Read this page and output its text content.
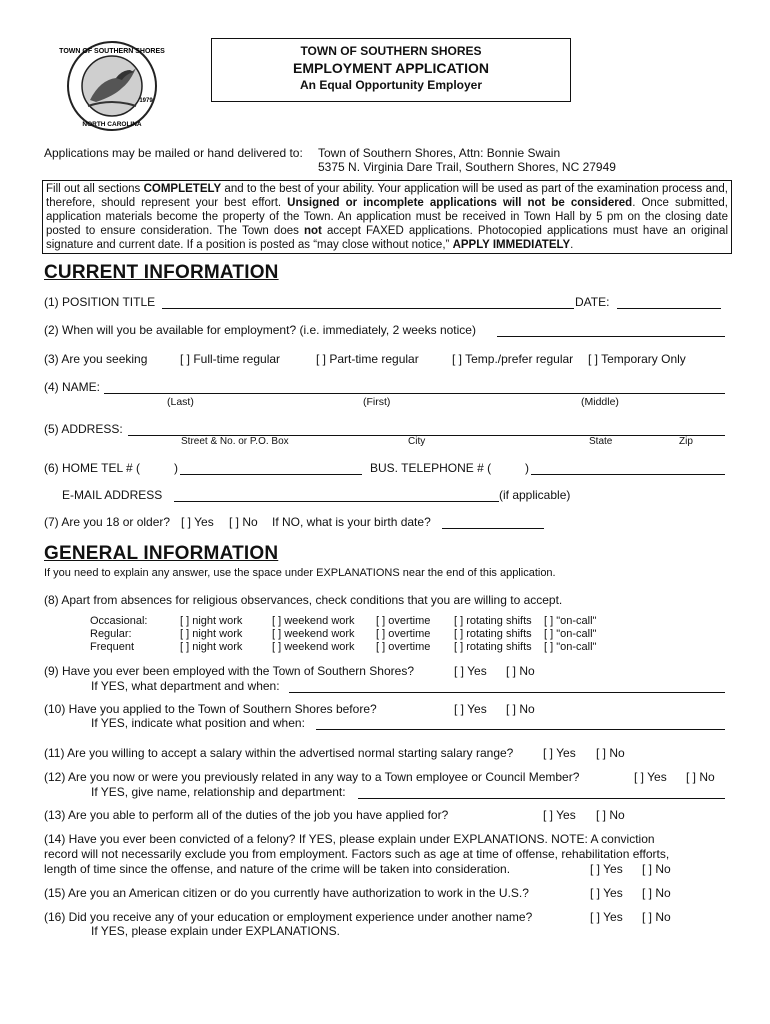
TOWN OF SOUTHERN SHORES
NORTH CAROLINA
1979
TOWN OF SOUTHERN SHORES
EMPLOYMENT APPLICATION
An Equal Opportunity Employer
Applications may be mailed or hand delivered to: Town of Southern Shores, Attn: Bonnie Swain
5375 N. Virginia Dare Trail, Southern Shores, NC 27949
Fill out all sections COMPLETELY and to the best of your ability. Your application will be used as part of the examination process and, therefore, should represent your best effort. Unsigned or incomplete applications will not be considered. Once submitted, application materials become the property of the Town. An application must be received in Town Hall by 5 pm on the closing date posted to ensure consideration. The Town does not accept FAXED applications. Photocopied applications must have an original signature and current date. If a position is posted as “may close without notice,” APPLY IMMEDIATELY.
CURRENT INFORMATION
(1) POSITION TITLE	DATE:
(2) When will you be available for employment? (i.e. immediately, 2 weeks notice)
(3) Are you seeking	[ ] Full-time regular	[ ] Part-time regular	[ ] Temp./prefer regular [ ] Temporary Only
(4) NAME:
(Last)	(First)	(Middle)
(5) ADDRESS:
Street & No. or P.O. Box	City	State	Zip
(6) HOME TEL # (	)	BUS. TELEPHONE # (	)
E-MAIL ADDRESS	(if applicable)
(7) Are you 18 or older? [ ] Yes [ ] No If NO, what is your birth date?
GENERAL INFORMATION
If you need to explain any answer, use the space under EXPLANATIONS near the end of this application.
(8) Apart from absences for religious observances, check conditions that you are willing to accept.
Occasional:	[ ] night work	[ ] weekend work [ ] overtime [ ] rotating shifts [ ] "on-call"
Regular:	[ ] night work	[ ] weekend work [ ] overtime [ ] rotating shifts [ ] "on-call"
Frequent	[ ] night work	[ ] weekend work [ ] overtime [ ] rotating shifts [ ] "on-call"
(9) Have you ever been employed with the Town of Southern Shores?	[ ] Yes [ ] No
If YES, what department and when:
(10) Have you applied to the Town of Southern Shores before?	[ ] Yes [ ] No
If YES, indicate what position and when:
(11) Are you willing to accept a salary within the advertised normal starting salary range? [ ] Yes [ ] No
(12) Are you now or were you previously related in any way to a Town employee or Council Member?	[ ] Yes [ ] No
If YES, give name, relationship and department:
(13) Are you able to perform all of the duties of the job you have applied for?	[ ] Yes [ ] No
(14) Have you ever been convicted of a felony? If YES, please explain under EXPLANATIONS. NOTE: A conviction
record will not necessarily exclude you from employment. Factors such as age at time of offense, rehabilitation efforts,
length of time since the offense, and nature of the crime will be taken into consideration.	[ ] Yes [ ] No
(15) Are you an American citizen or do you currently have authorization to work in the U.S.?	[ ] Yes [ ] No
(16) Did you receive any of your education or employment experience under another name?	[ ] Yes [ ] No
If YES, please explain under EXPLANATIONS.
